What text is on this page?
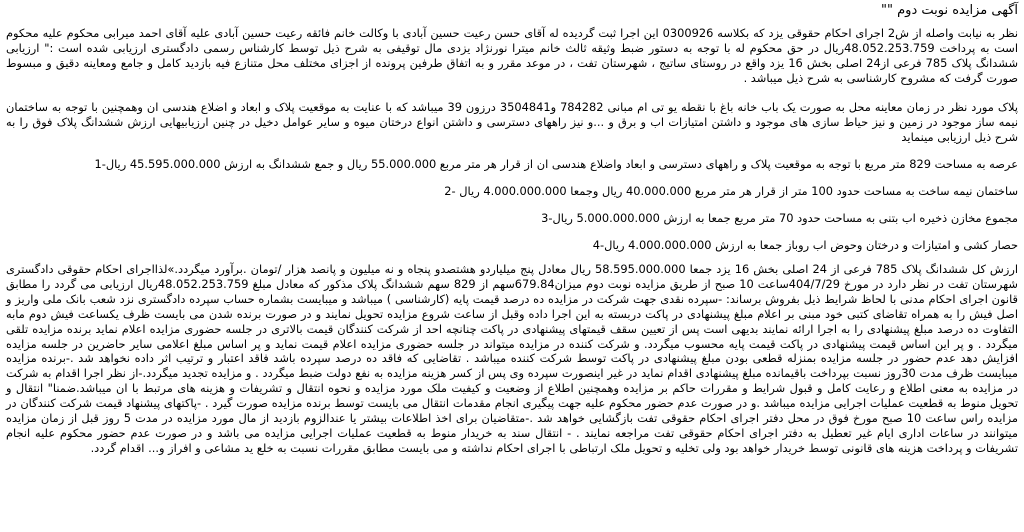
آگهی مزایده نوبت دوم ""

نظر به نیابت واصله از ش2 اجرای احکام حقوقی یزد که بکلاسه 0300926 این اجرا ثبت گردیده له آقای حسن رعیت حسین آبادی با وکالت خانم فائقه رعیت حسین آبادی علیه آقای احمد میرابی محکوم علیه محکوم است به پرداخت 48.052.253.759ریال در حق محکوم له با توجه به دستور ضبط وثیقه ثالث خانم میترا نورنژاد یزدی مال توقیفی به شرح ذیل توسط کارشناس رسمی دادگستری ارزیابی شده است :" ارزیابی ششدانگ پلاک 785 فرعی از24 اصلی بخش 16 یزد واقع در روستای ساتیج ، شهرستان تفت ، در موعد مقرر و به اتفاق طرفین پرونده از اجزای مختلف محل متنازع فیه بازدید کامل و جامع ومعاینه دقیق و مبسوط صورت گرفت که مشروح کارشناسی به شرح ذیل میباشد .

پلاک مورد نظر در زمان معاینه محل به صورت یک باب خانه باغ با نقطه یو تی ام مبانی 784282 و3504841 درزون 39 میباشد که با عنایت به موقعیت پلاک و ابعاد و اضلاع هندسی ان وهمچنین با توجه به ساختمان نیمه ساز موجود در زمین و نیز حیاط سازی های موجود و داشتن امتیازات اب و برق و ...و نیز راههای دسترسی و داشتن انواع درختان میوه و سایر عوامل دخیل در چنین ارزیابیهایی ارزش ششدانگ پلاک فوق را به شرح ذیل ارزیابی مینماید

عرصه به مساحت 829 متر مربع با توجه به موقعیت پلاک و راههای دسترسی و ابعاد واضلاع هندسی ان از قرار هر متر مربع 55.000.000 ریال و جمع ششدانگ به ارزش 45.595.000.000 ریال-1
ساختمان نیمه ساخت به مساحت حدود 100 متر از قرار هر متر مربع 40.000.000 ریال وجمعا 4.000.000.000 ریال -2
مجموع مخازن ذخیره اب بتنی به مساحت حدود 70 متر مربع جمعا به ارزش 5.000.000.000 ریال-3
حصار کشی و امتیازات و درختان وحوض اب روباز جمعا به ارزش 4.000.000.000 ریال-4

ارزش کل ششدانگ پلاک 785 فرعی از 24 اصلی بخش 16 یزد جمعا 58.595.000.000 ریال معادل پنج میلیاردو هشتصدو پنجاه و نه میلیون و پانصد هزار /تومان .برآورد میگردد.»لذااجرای احکام حقوقی دادگستری شهرستان تفت در نظر دارد در مورخ 404/7/29ساعت 10 صبح از طریق مزایده نوبت دوم میزان679.84سهم از 829 سهم ششدانگ پلاک مذکور که معادل مبلغ 48.052.253.759ریال ارزیابی می گردد را مطابق قانون اجرای احکام مدنی با لحاظ شرایط ذیل بفروش برساند: -سپرده نقدی جهت شرکت در مزایده ده درصد قیمت پایه (کارشناسی ) میباشد و میبایست بشماره حساب سپرده دادگستری نزد شعب بانک ملی واریز و اصل فیش را به همراه تقاضای کتبی خود مبنی بر اعلام مبلغ پیشنهادی در پاکت دربسته به این اجرا داده وقبل از ساعت شروع مزایده تحویل نمایند و در صورت برنده شدن می بایست ظرف یکساعت فیش دوم مابه التفاوت ده درصد مبلغ پیشنهادی را به اجرا ارائه نمایند بدیهی است پس از تعیین سقف قیمتهای پیشنهادی در پاکت چنانچه احد از شرکت کنندگان قیمت بالاتری در جلسه حضوری مزایده اعلام نماید برنده مزایده تلقی میگردد . و پر این اساس قیمت پیشنهادی در پاکت قیمت پایه محسوب میگردد. و شرکت کننده در مزایده میتواند در جلسه حضوری مزایده اعلام قیمت نماید و پر اساس مبلغ اعلامی سایر حاضرین در جلسه مزایده افزایش دهد عدم حضور در جلسه مزایده بمنزله قطعی بودن مبلغ پیشنهادی در پاکت توسط شرکت کننده میباشد . تقاضایی که فاقد ده درصد سپرده باشد فاقد اعتبار و ترتیب اثر داده نخواهد شد .-برنده مزایده میبایست ظرف مدت 30روز نسبت بپرداخت باقیمانده مبلغ پیشنهادی اقدام نماید در غیر اینصورت سپرده وی پس از کسر هزینه مزایده به نفع دولت ضبط میگردد . و مزایده تجدید میگردد.-از نظر اجرا اقدام به شرکت در مزایده به معنی اطلاع و رعایت کامل و قبول شرایط و مقررات حاکم بر مزایده وهمچنین اطلاع از وضعیت و کیفیت ملک مورد مزایده و نحوه انتقال و تشریفات و هزینه های مرتبط با ان میباشد.ضمنا" انتقال و تحویل منوط به قطعیت عملیات اجرایی مزایده میباشد .و در صورت عدم حضور محکوم علیه جهت پیگیری انجام مقدمات انتقال می بایست توسط برنده مزایده صورت گیرد . -پاکتهای پیشنهاد قیمت شرکت کنندگان در مزایده راس ساعت 10 صبح مورخ فوق در محل دفتر اجرای احکام حقوقی تفت بازگشایی خواهد شد .-متقاضیان برای اخذ اطلاعات بیشتر یا عندالزوم بازدید از مال مورد مزایده در مدت 5 روز قبل از زمان مزایده میتوانند در ساعات اداری ایام غیر تعطیل به دفتر اجرای احکام حقوقی تفت مراجعه نمایند . - انتقال سند به خریدار منوط به قطعیت عملیات اجرایی مزایده می باشد و در صورت عدم حضور محکوم علیه انجام تشریفات و پرداخت هزینه های قانونی توسط خریدار خواهد بود ولی تخلیه و تحویل ملک ارتباطی با اجرای احکام نداشته و می بایست مطابق مقررات نسبت به خلع ید مشاعی و افراز و... اقدام گردد.
